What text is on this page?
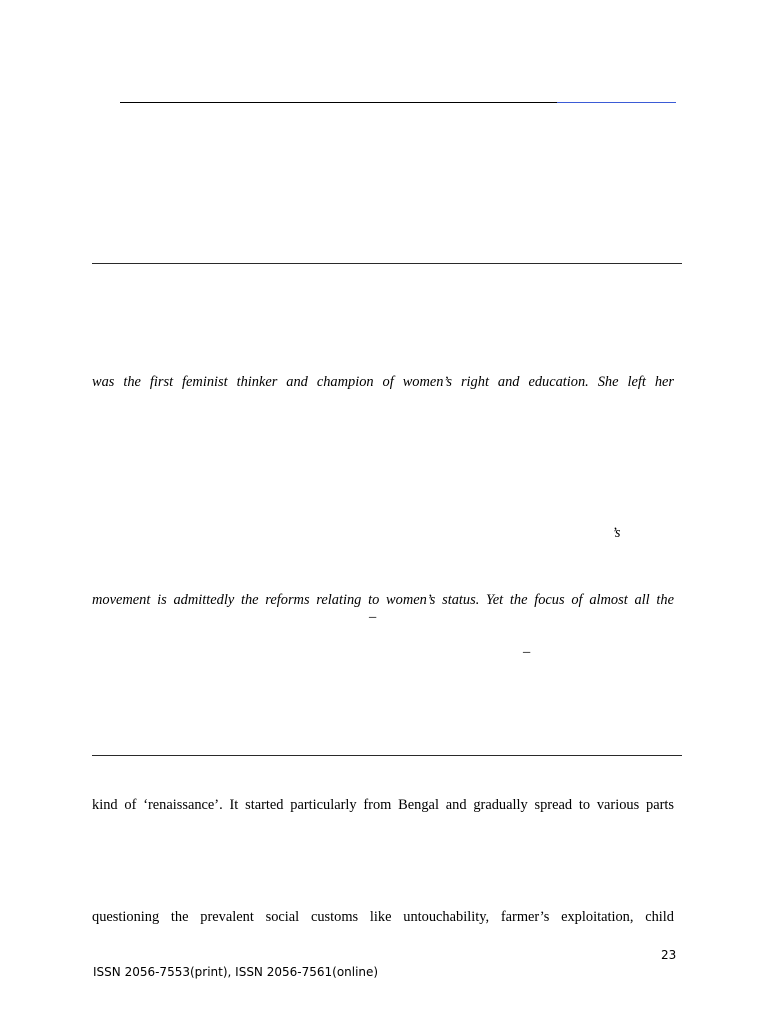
was the first feminist thinker and champion of women’s right and education. She left her
’s
movement is admittedly the reforms relating to women’s status. Yet the focus of almost all the
–
–
kind of ‘renaissance’. It started particularly from Bengal and gradually spread to various parts
questioning the prevalent social customs like untouchability, farmer’s exploitation, child
23
ISSN 2056-7553(print), ISSN 2056-7561(online)
